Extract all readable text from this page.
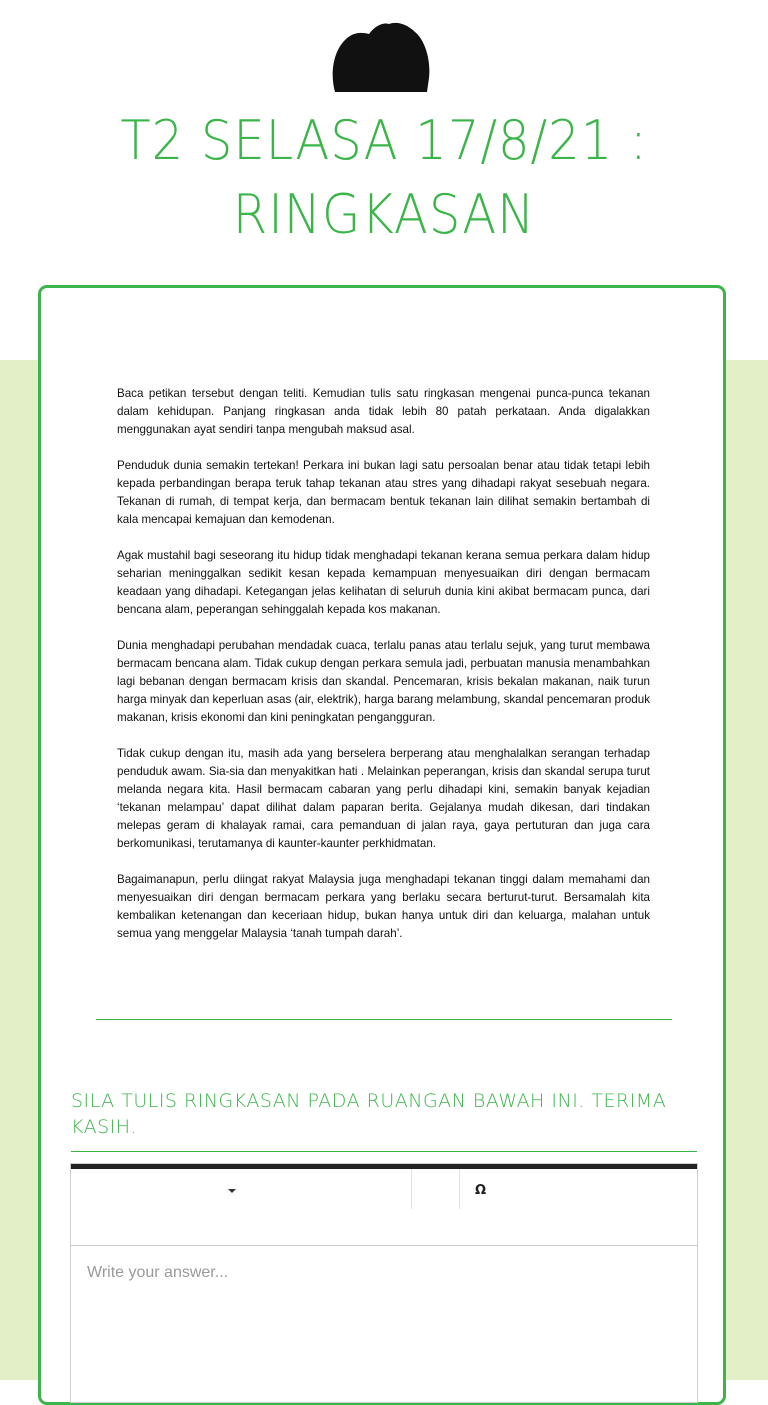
T2 SELASA 17/8/21 : RINGKASAN

Baca petikan tersebut dengan teliti. Kemudian tulis satu ringkasan mengenai punca-punca tekanan dalam kehidupan. Panjang ringkasan anda tidak lebih 80 patah perkataan. Anda digalakkan menggunakan ayat sendiri tanpa mengubah maksud asal.

Penduduk dunia semakin tertekan! Perkara ini bukan lagi satu persoalan benar atau tidak tetapi lebih kepada perbandingan berapa teruk tahap tekanan atau stres yang dihadapi rakyat sesebuah negara. Tekanan di rumah, di tempat kerja, dan bermacam bentuk tekanan lain dilihat semakin bertambah di kala mencapai kemajuan dan kemodenan.

Agak mustahil bagi seseorang itu hidup tidak menghadapi tekanan kerana semua perkara dalam hidup seharian meninggalkan sedikit kesan kepada kemampuan menyesuaikan diri dengan bermacam keadaan yang dihadapi. Ketegangan jelas kelihatan di seluruh dunia kini akibat bermacam punca, dari bencana alam, peperangan sehinggalah kepada kos makanan.

Dunia menghadapi perubahan mendadak cuaca, terlalu panas atau terlalu sejuk, yang turut membawa bermacam bencana alam. Tidak cukup dengan perkara semula jadi, perbuatan manusia menambahkan lagi bebanan dengan bermacam krisis dan skandal. Pencemaran, krisis bekalan makanan, naik turun harga minyak dan keperluan asas (air, elektrik), harga barang melambung, skandal pencemaran produk makanan, krisis ekonomi dan kini peningkatan pengangguran.

Tidak cukup dengan itu, masih ada yang berselera berperang atau menghalalkan serangan terhadap penduduk awam. Sia-sia dan menyakitkan hati . Melainkan peperangan, krisis dan skandal serupa turut melanda negara kita. Hasil bermacam cabaran yang perlu dihadapi kini, semakin banyak kejadian ‘tekanan melampau’ dapat dilihat dalam paparan berita. Gejalanya mudah dikesan, dari tindakan melepas geram di khalayak ramai, cara pemanduan di jalan raya, gaya pertuturan dan juga cara berkomunikasi, terutamanya di kaunter-kaunter perkhidmatan.

Bagaimanapun, perlu diingat rakyat Malaysia juga menghadapi tekanan tinggi dalam memahami dan menyesuaikan diri dengan bermacam perkara yang berlaku secara berturut-turut. Bersamalah kita kembalikan ketenangan dan keceriaan hidup, bukan hanya untuk diri dan keluarga, malahan untuk semua yang menggelar Malaysia ‘tanah tumpah darah’.

SILA TULIS RINGKASAN PADA RUANGAN BAWAH INI. TERIMA KASIH.
Ω
Write your answer...
